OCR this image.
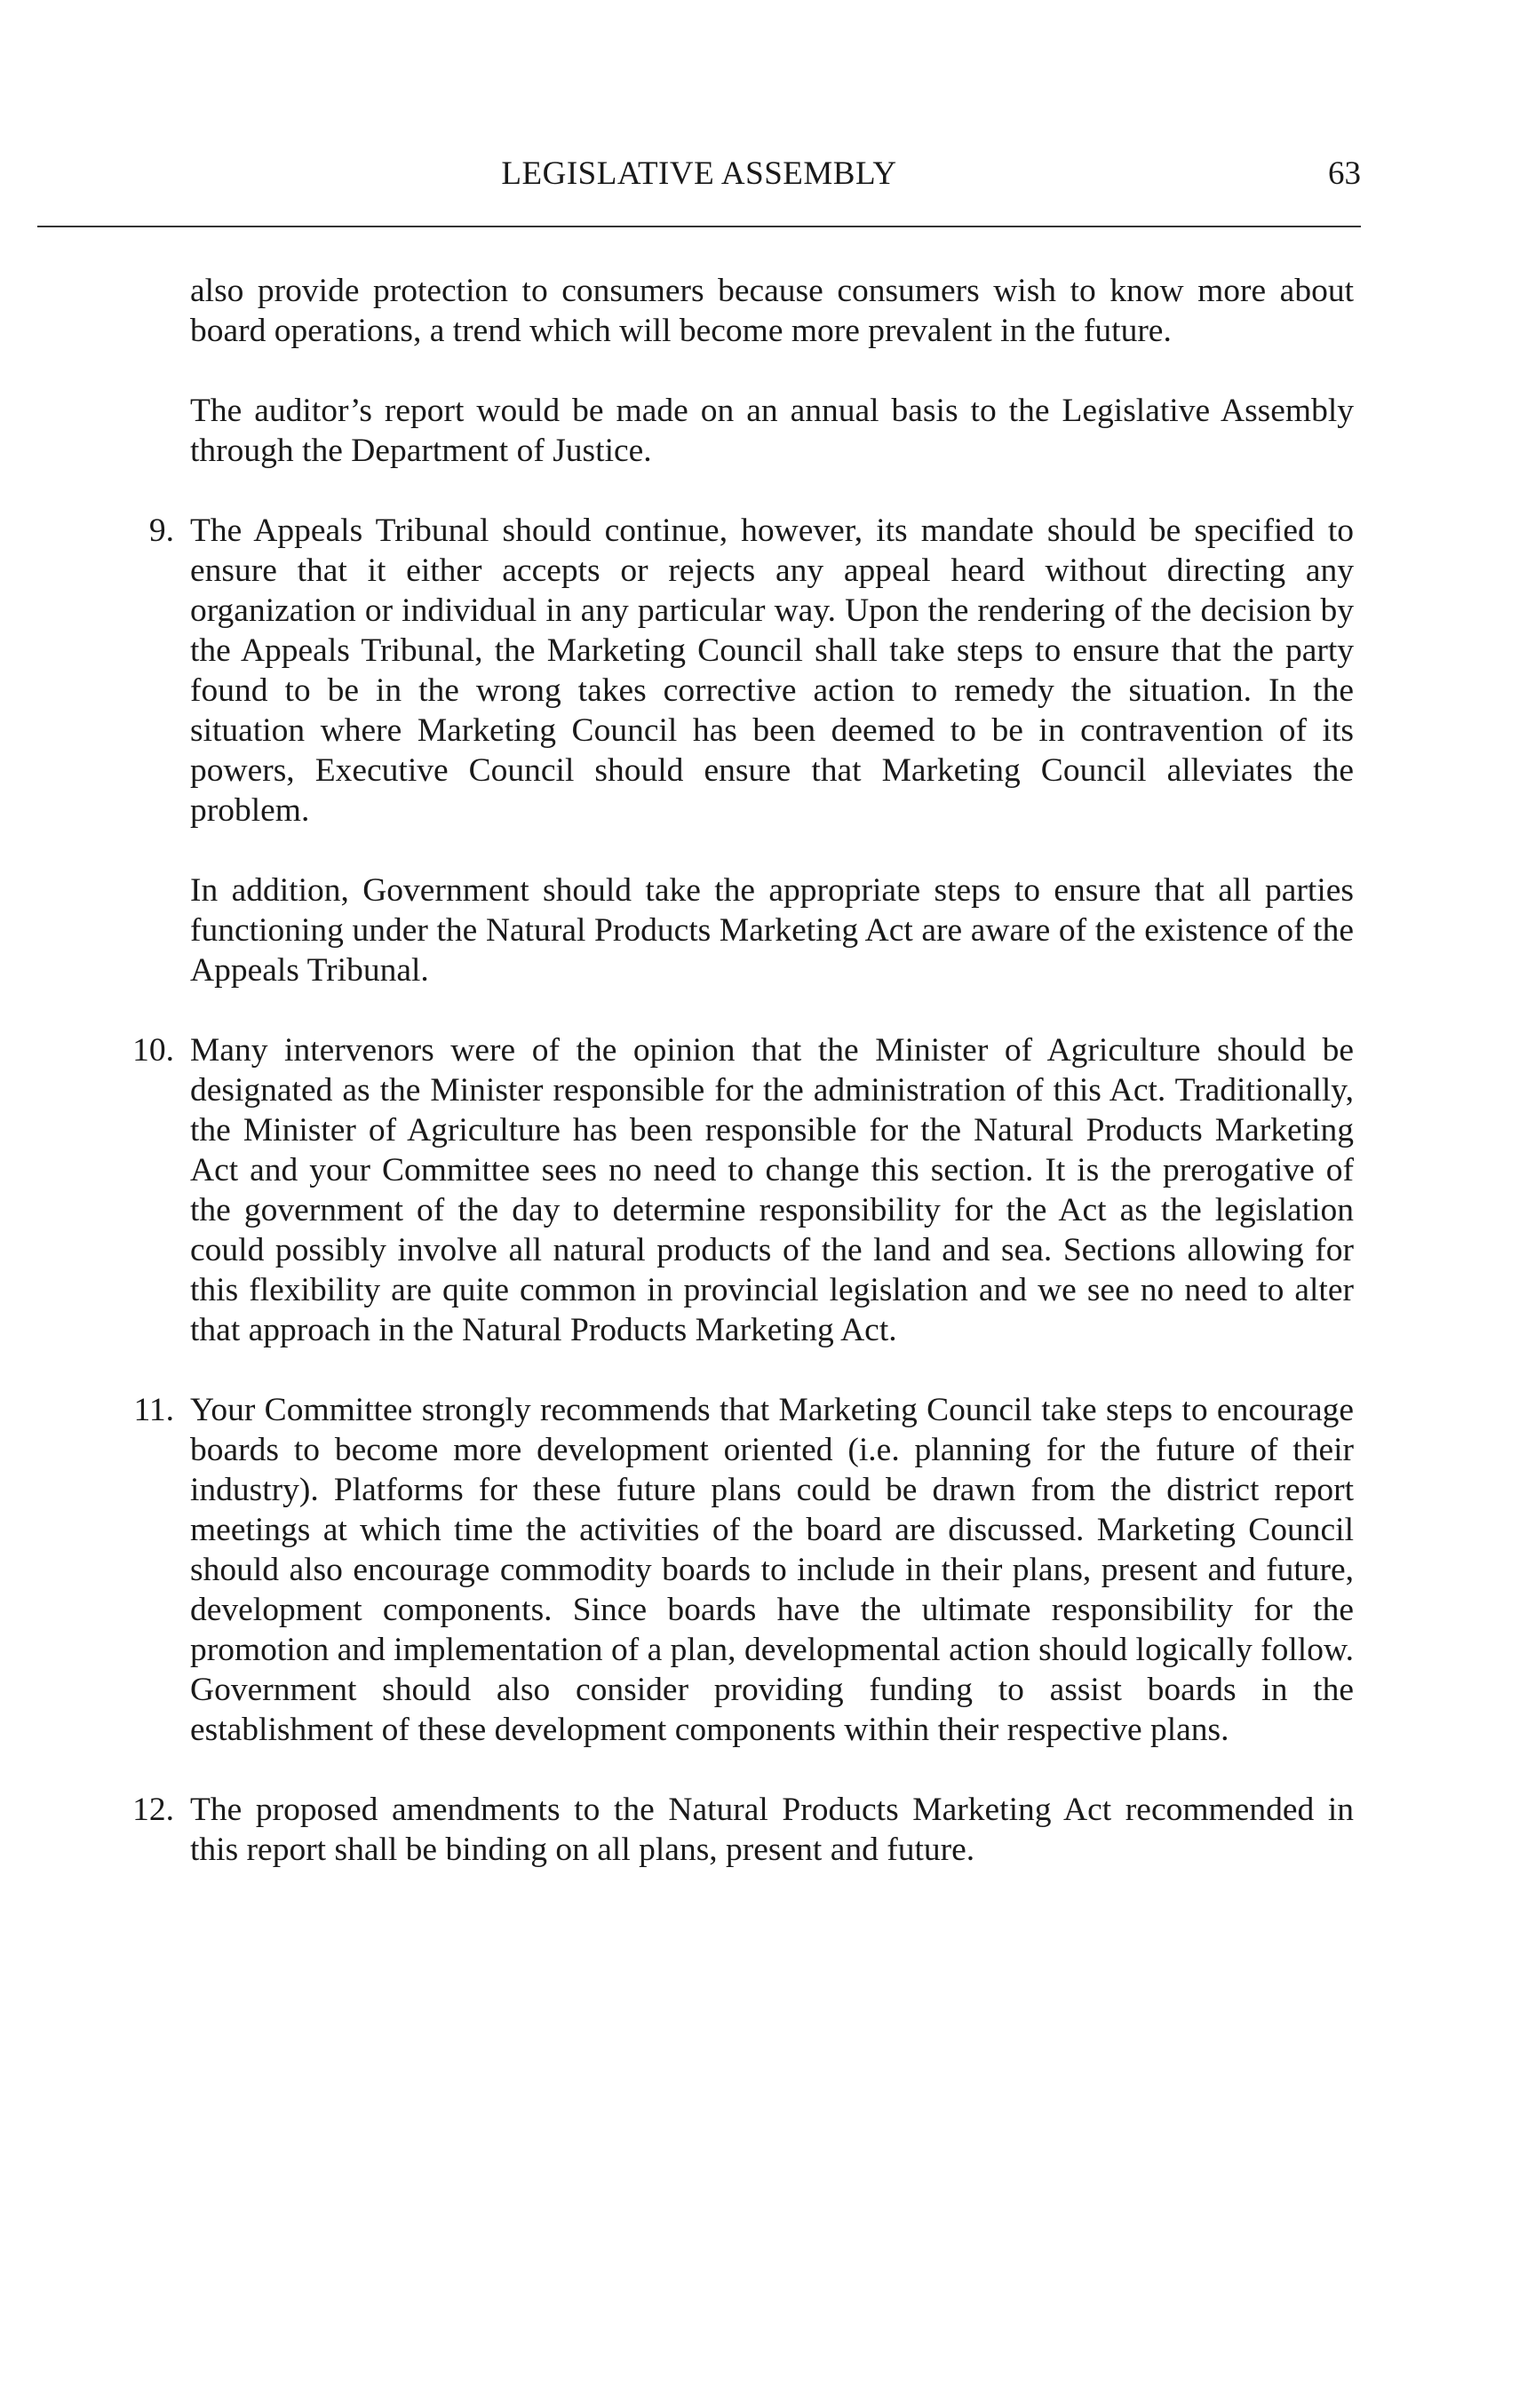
LEGISLATIVE ASSEMBLY	63

also provide protection to consumers because consumers wish to know more about board operations, a trend which will become more prevalent in the future.

The auditor’s report would be made on an annual basis to the Legislative Assembly through the Department of Justice.

9. The Appeals Tribunal should continue, however, its mandate should be specified to ensure that it either accepts or rejects any appeal heard without directing any organization or individual in any particular way. Upon the rendering of the decision by the Appeals Tribunal, the Marketing Council shall take steps to ensure that the party found to be in the wrong takes corrective action to remedy the situation. In the situation where Marketing Council has been deemed to be in contravention of its powers, Executive Council should ensure that Marketing Council alleviates the problem.

In addition, Government should take the appropriate steps to ensure that all parties functioning under the Natural Products Marketing Act are aware of the existence of the Appeals Tribunal.

10. Many intervenors were of the opinion that the Minister of Agriculture should be designated as the Minister responsible for the administration of this Act. Traditionally, the Minister of Agriculture has been responsible for the Natural Products Marketing Act and your Committee sees no need to change this section. It is the prerogative of the government of the day to determine responsibility for the Act as the legislation could possibly involve all natural products of the land and sea. Sections allowing for this flexibility are quite common in provincial legislation and we see no need to alter that approach in the Natural Products Marketing Act.

11. Your Committee strongly recommends that Marketing Council take steps to encourage boards to become more development oriented (i.e. planning for the future of their industry). Platforms for these future plans could be drawn from the district report meetings at which time the activities of the board are discussed. Marketing Council should also encourage commodity boards to include in their plans, present and future, development components. Since boards have the ultimate responsibility for the promotion and implementation of a plan, developmental action should logically follow. Government should also consider providing funding to assist boards in the establishment of these development components within their respective plans.

12. The proposed amendments to the Natural Products Marketing Act recommended in this report shall be binding on all plans, present and future.
